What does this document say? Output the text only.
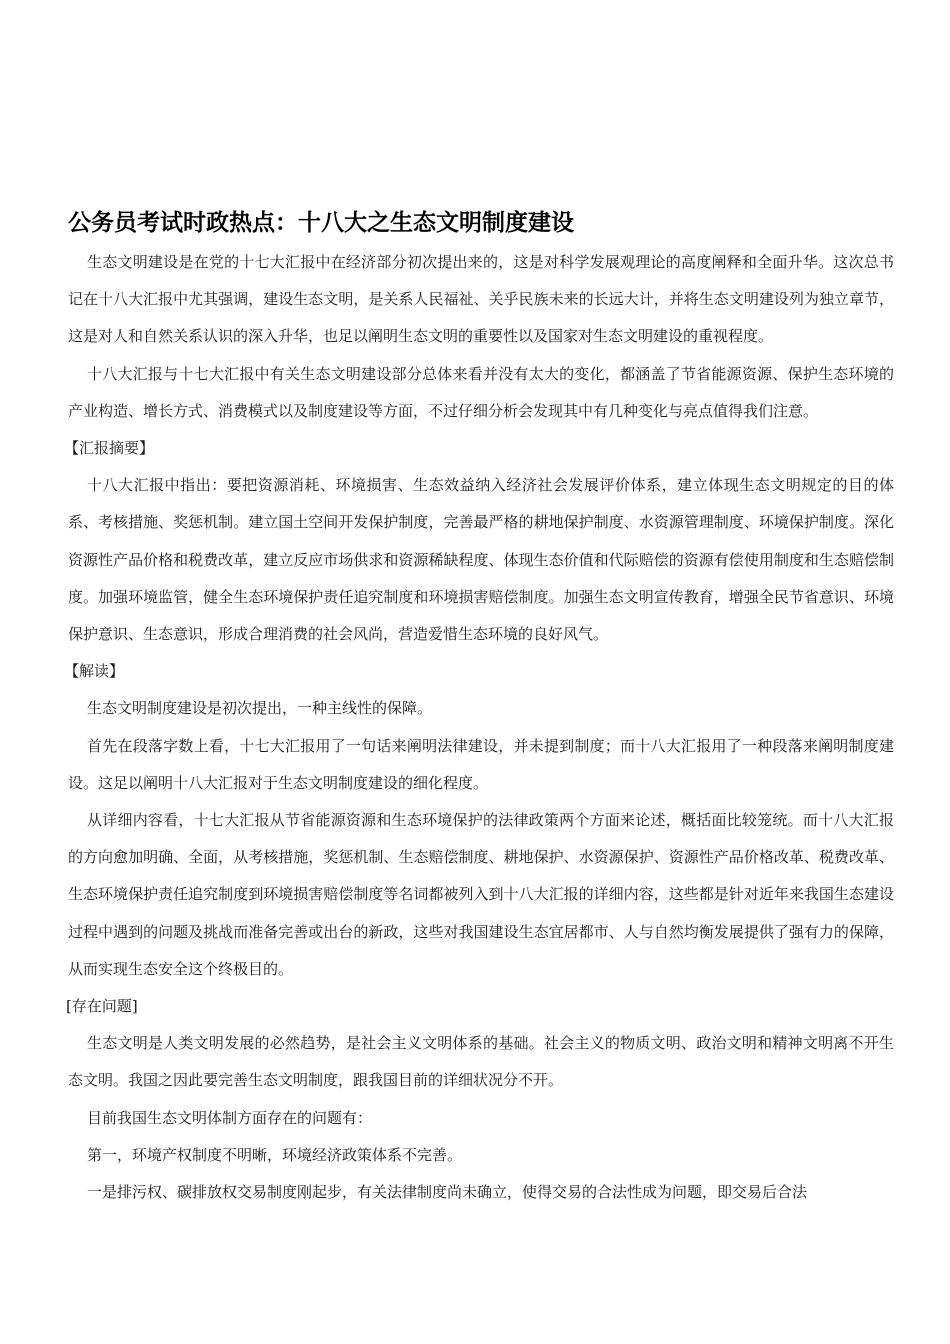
公务员考试时政热点：十八大之生态文明制度建设

生态文明建设是在党的十七大汇报中在经济部分初次提出来的，这是对科学发展观理论的高度阐释和全面升华。这次总书记在十八大汇报中尤其强调，建设生态文明，是关系人民福祉、关乎民族未来的长远大计，并将生态文明建设列为独立章节，这是对人和自然关系认识的深入升华，也足以阐明生态文明的重要性以及国家对生态文明建设的重视程度。

十八大汇报与十七大汇报中有关生态文明建设部分总体来看并没有太大的变化，都涵盖了节省能源资源、保护生态环境的产业构造、增长方式、消费模式以及制度建设等方面，不过仔细分析会发现其中有几种变化与亮点值得我们注意。

【汇报摘要】

十八大汇报中指出：要把资源消耗、环境损害、生态效益纳入经济社会发展评价体系，建立体现生态文明规定的目的体系、考核措施、奖惩机制。建立国土空间开发保护制度，完善最严格的耕地保护制度、水资源管理制度、环境保护制度。深化资源性产品价格和税费改革，建立反应市场供求和资源稀缺程度、体现生态价值和代际赔偿的资源有偿使用制度和生态赔偿制度。加强环境监管，健全生态环境保护责任追究制度和环境损害赔偿制度。加强生态文明宣传教育，增强全民节省意识、环境保护意识、生态意识，形成合理消费的社会风尚，营造爱惜生态环境的良好风气。

【解读】

生态文明制度建设是初次提出，一种主线性的保障。

首先在段落字数上看，十七大汇报用了一句话来阐明法律建设，并未提到制度；而十八大汇报用了一种段落来阐明制度建设。这足以阐明十八大汇报对于生态文明制度建设的细化程度。

从详细内容看，十七大汇报从节省能源资源和生态环境保护的法律政策两个方面来论述，概括面比较笼统。而十八大汇报的方向愈加明确、全面，从考核措施，奖惩机制、生态赔偿制度、耕地保护、水资源保护、资源性产品价格改革、税费改革、生态环境保护责任追究制度到环境损害赔偿制度等名词都被列入到十八大汇报的详细内容，这些都是针对近年来我国生态建设过程中遇到的问题及挑战而准备完善或出台的新政，这些对我国建设生态宜居都市、人与自然均衡发展提供了强有力的保障，从而实现生态安全这个终极目的。

[存在问题]

生态文明是人类文明发展的必然趋势，是社会主义文明体系的基础。社会主义的物质文明、政治文明和精神文明离不开生态文明。我国之因此要完善生态文明制度，跟我国目前的详细状况分不开。

目前我国生态文明体制方面存在的问题有：

第一，环境产权制度不明晰，环境经济政策体系不完善。

一是排污权、碳排放权交易制度刚起步，有关法律制度尚未确立，使得交易的合法性成为问题，即交易后合法
